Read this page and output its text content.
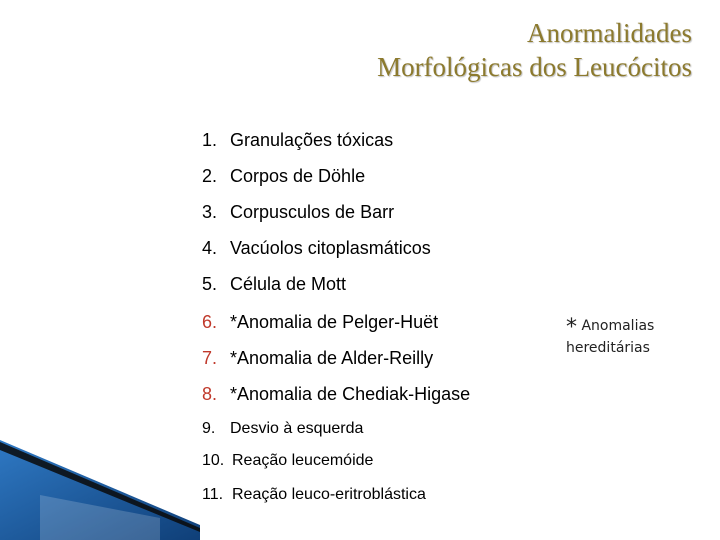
Anormalidades
Morfológicas dos Leucócitos
1. Granulações tóxicas
2. Corpos de Döhle
3. Corpusculos de Barr
4. Vacúolos citoplasmáticos
5. Célula de Mott
6. *Anomalia de Pelger-Huët
7. *Anomalia de Alder-Reilly
8. *Anomalia de Chediak-Higase
9. Desvio à esquerda
10. Reação leucemóide
11. Reação leuco-eritroblástica
* Anomalias
hereditárias
